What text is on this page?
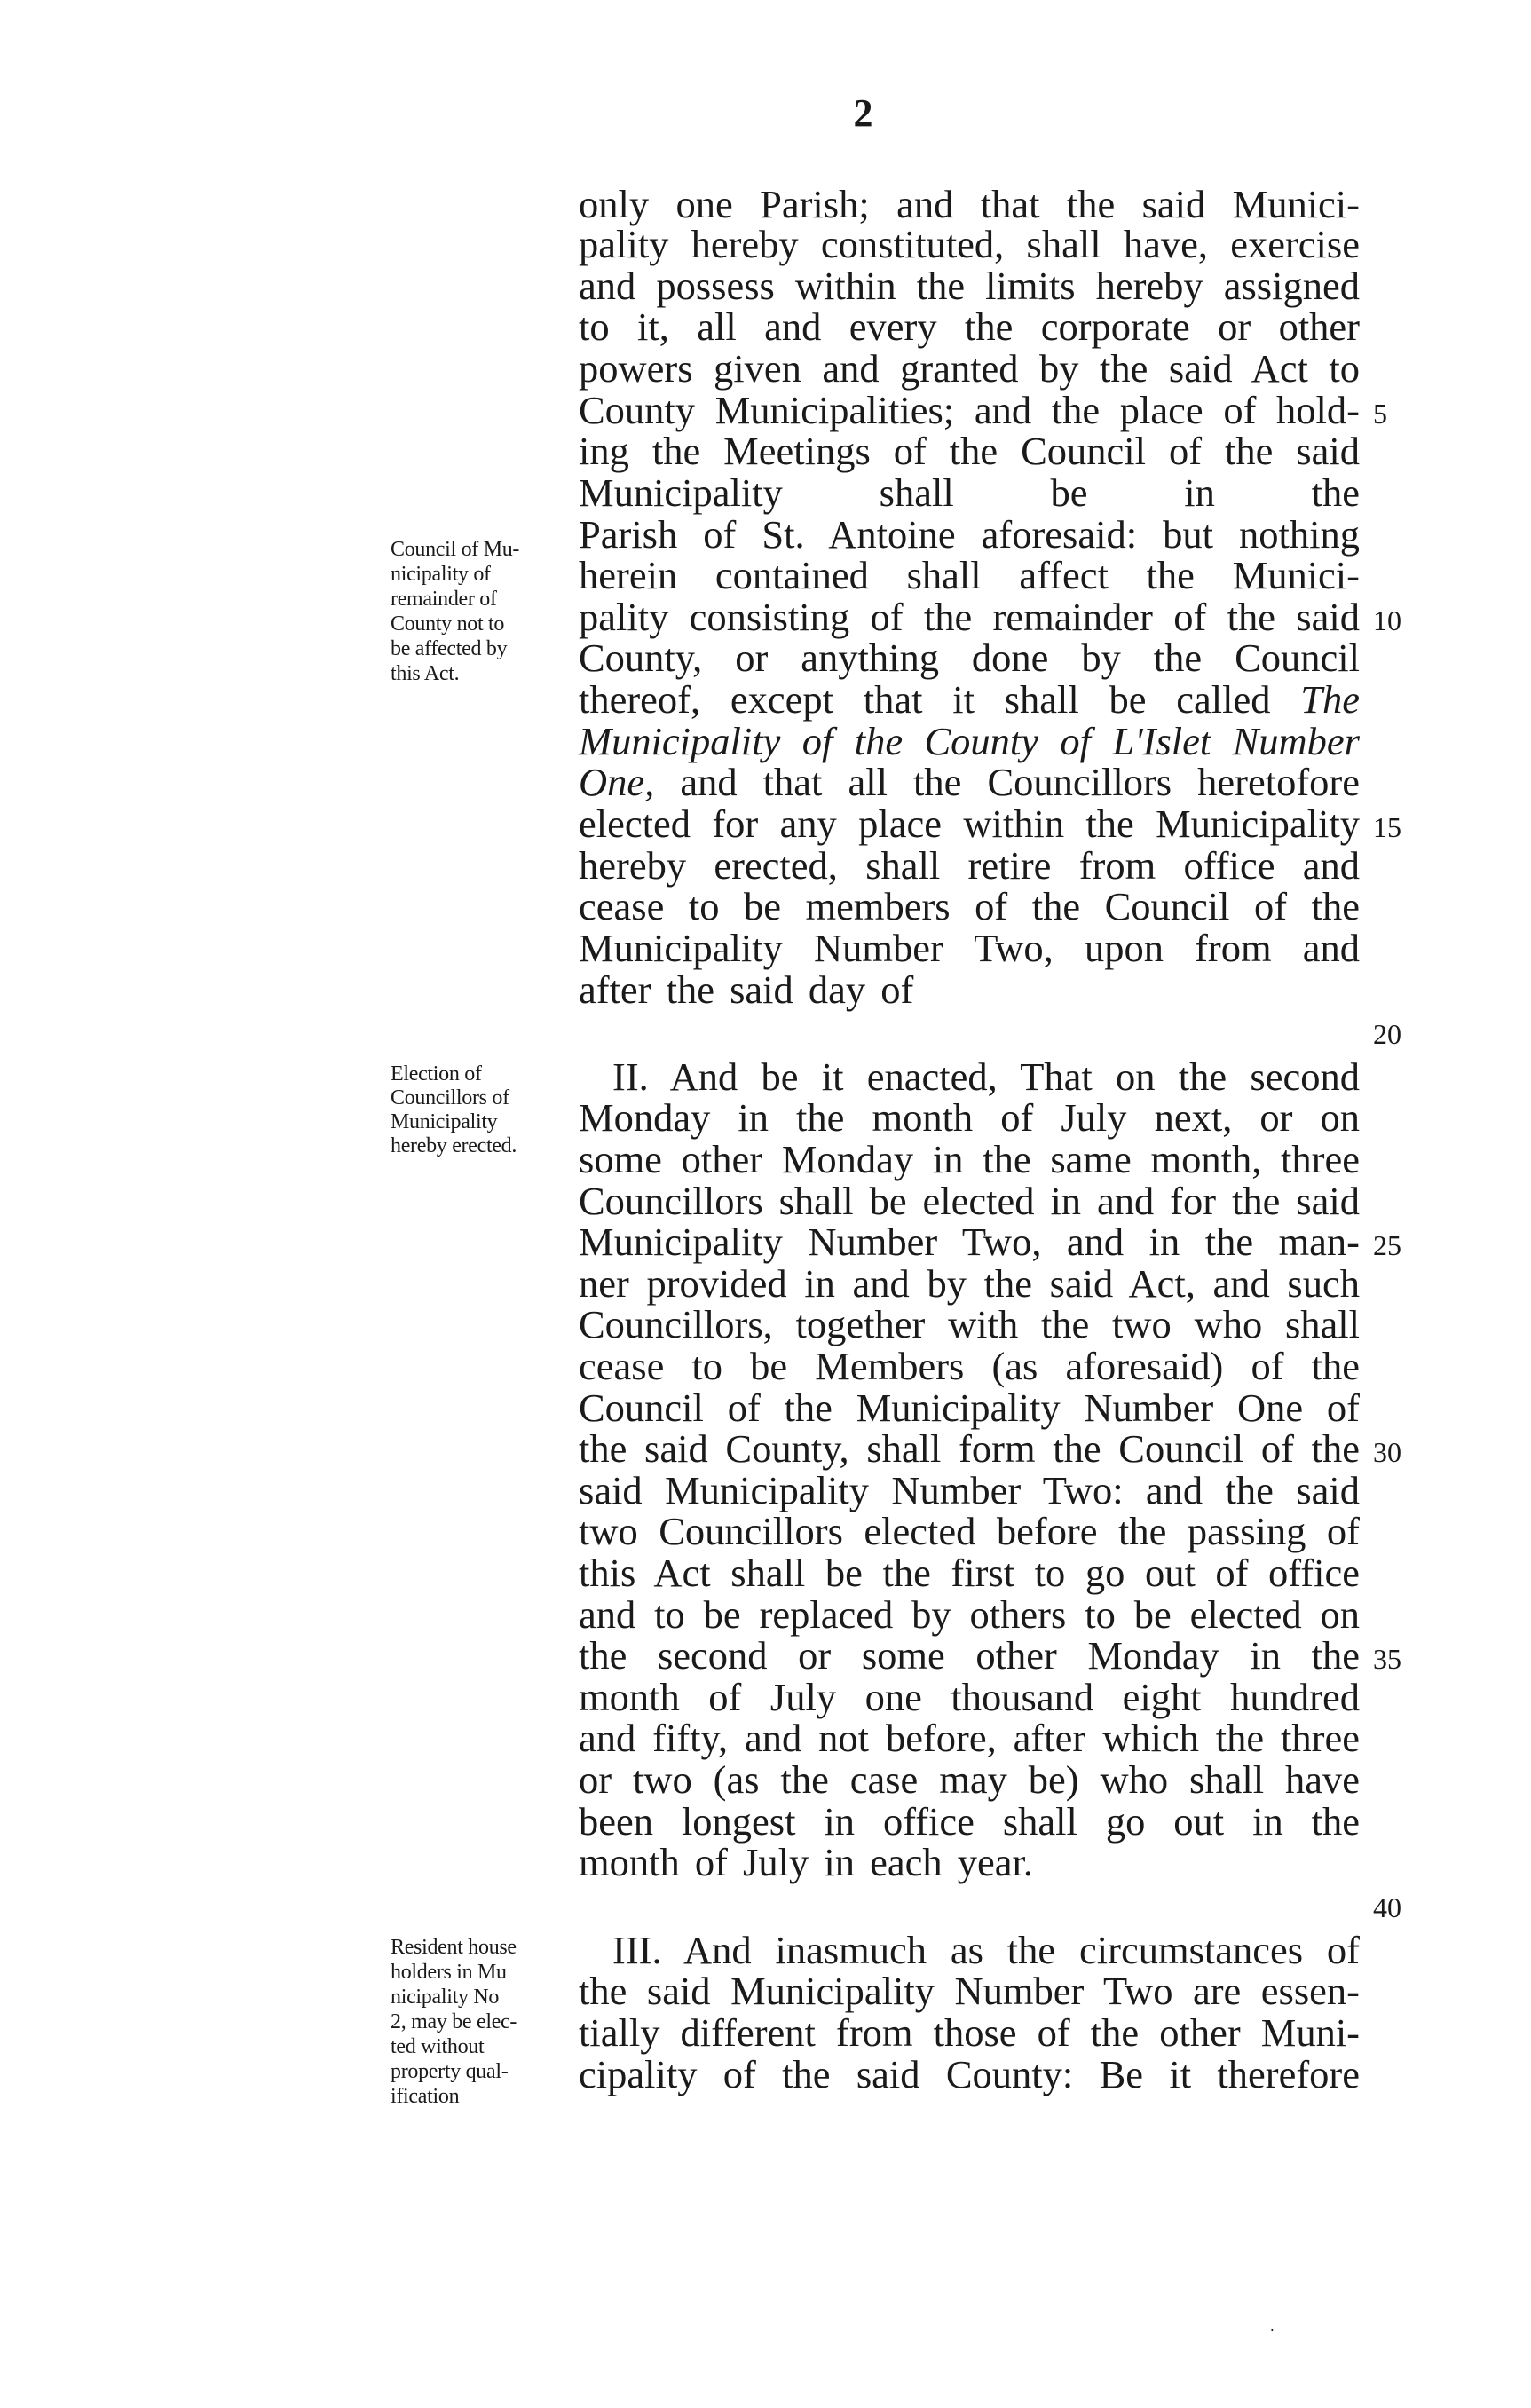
2
only one Parish; and that the said Munici-
pality hereby constituted, shall have, exercise
and possess within the limits hereby assigned
to it, all and every the corporate or other
powers given and granted by the said Act to
County Municipalities; and the place of hold-
ing the Meetings of the Council of the said
Municipality shall be in the
Parish of St. Antoine aforesaid: but nothing
herein contained shall affect the Munici-
pality consisting of the remainder of the said
County, or anything done by the Council
thereof, except that it shall be called The
Municipality of the County of L'Islet Number
One, and that all the Councillors heretofore
elected for any place within the Municipality
hereby erected, shall retire from office and
cease to be members of the Council of the
Municipality Number Two, upon from and
after the said day of
II. And be it enacted, That on the second
Monday in the month of July next, or on
some other Monday in the same month, three
Councillors shall be elected in and for the said
Municipality Number Two, and in the man-
ner provided in and by the said Act, and such
Councillors, together with the two who shall
cease to be Members (as aforesaid) of the
Council of the Municipality Number One of
the said County, shall form the Council of the
said Municipality Number Two: and the said
two Councillors elected before the passing of
this Act shall be the first to go out of office
and to be replaced by others to be elected on
the second or some other Monday in the
month of July one thousand eight hundred
and fifty, and not before, after which the three
or two (as the case may be) who shall have
been longest in office shall go out in the
month of July in each year.
III. And inasmuch as the circumstances of
the said Municipality Number Two are essen-
tially different from those of the other Muni-
cipality of the said County: Be it therefore
5
10
15
20
25
30
35
40
Council of Mu-
nicipality of
remainder of
County not to
be affected by
this Act.
Election of
Councillors of
Municipality
hereby erected.
Resident house
holders in Mu
nicipality No
2, may be elec-
ted without
property qual-
ification
˙
